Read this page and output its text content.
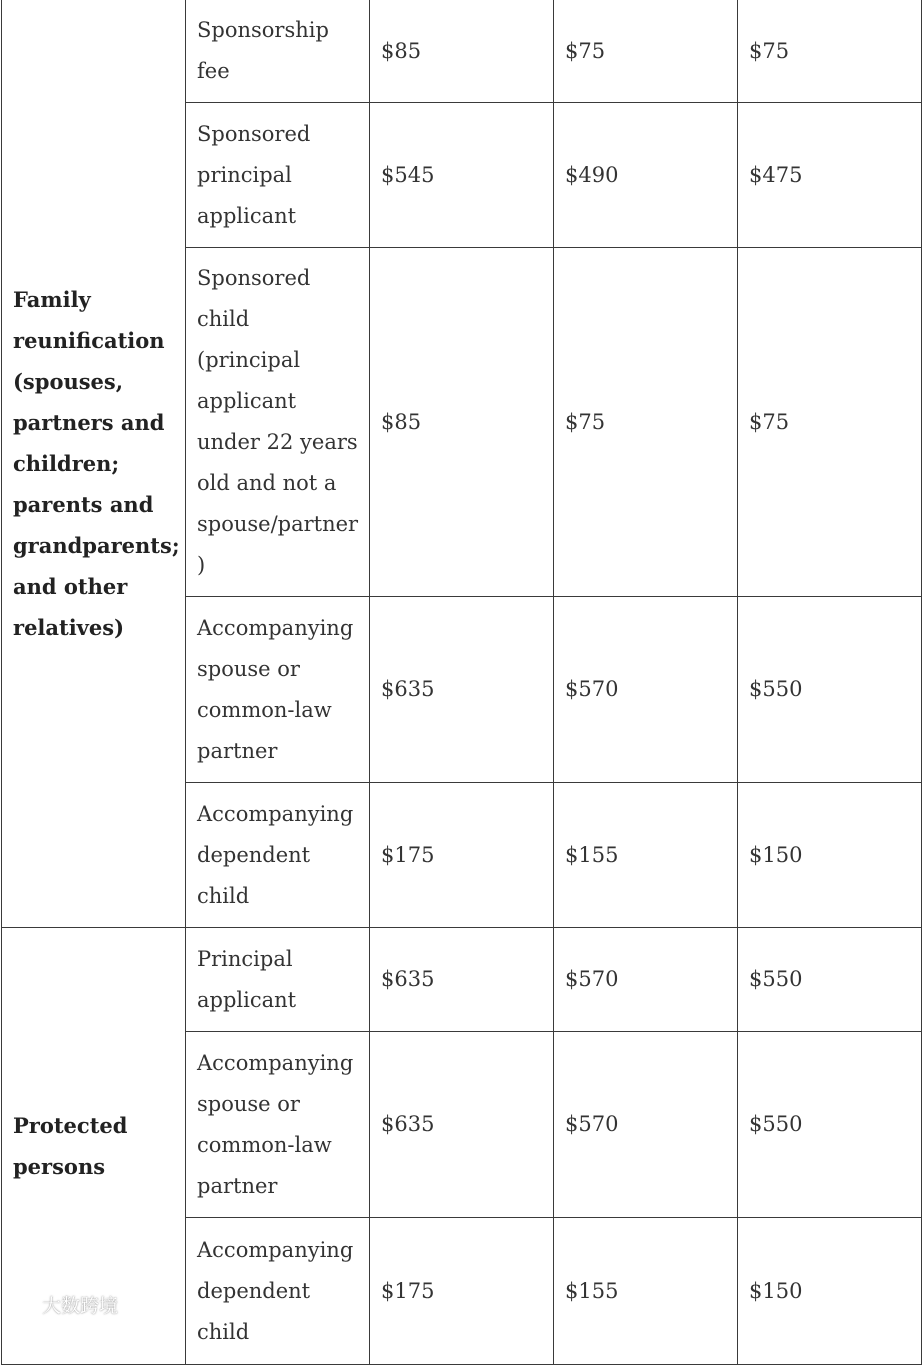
Family reunification (spouses, partners and children; parents and grandparents; and other relatives)	Sponsorship fee	$85	$75	$75
	Sponsored principal applicant	$545	$490	$475
	Sponsored child (principal applicant under 22 years old and not a spouse/partner )	$85	$75	$75
	Accompanying spouse or common-law partner	$635	$570	$550
	Accompanying dependent child	$175	$155	$150
Protected persons	Principal applicant	$635	$570	$550
	Accompanying spouse or common-law partner	$635	$570	$550
	Accompanying dependent child	$175	$155	$150
大数跨境
